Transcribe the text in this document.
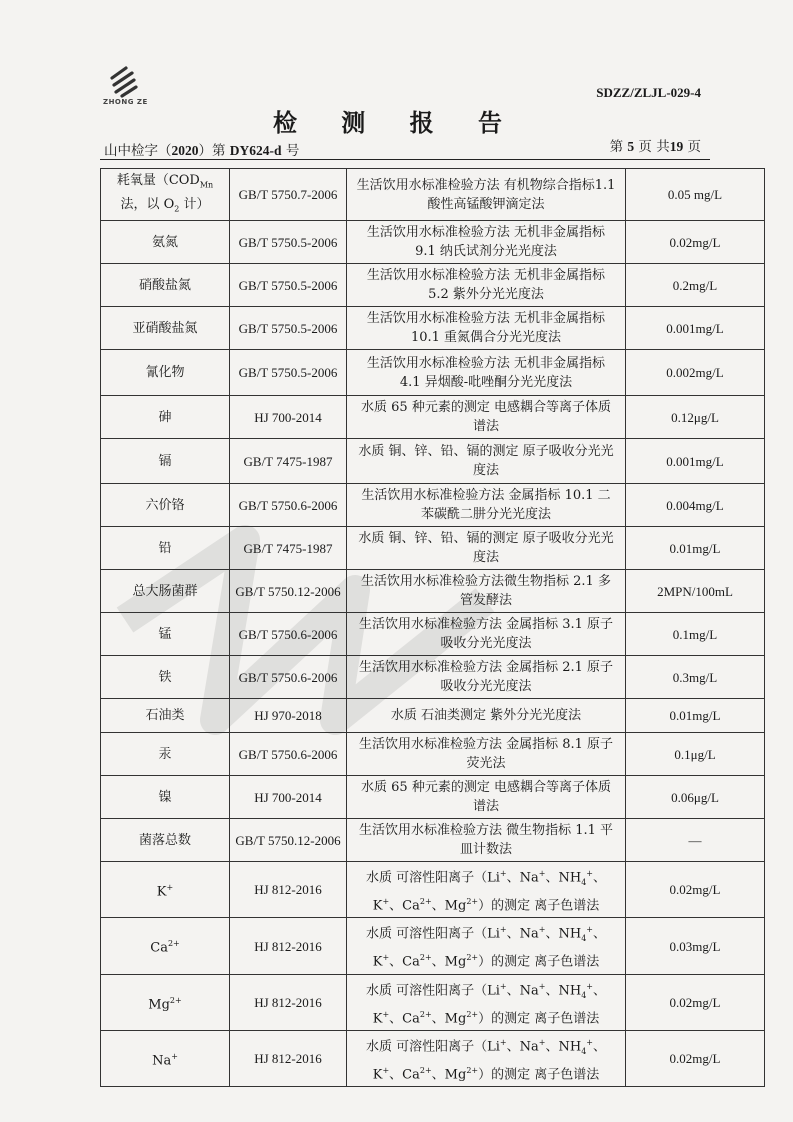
ZHONG ZE
SDZZ/ZLJL-029-4
检 测 报 告
山中检字（2020）第 DY624-d 号	第 5 页 共19 页
耗氧量（$COD_{Mn}$
法，以 $O_2$ 计）	GB/T 5750.7-2006	生活饮用水标准检验方法 有机物综合指标1.1 酸性高锰酸钾滴定法	0.05 mg/L
氨氮	GB/T 5750.5-2006	生活饮用水标准检验方法 无机非金属指标 9.1 纳氏试剂分光光度法	0.02mg/L
硝酸盐氮	GB/T 5750.5-2006	生活饮用水标准检验方法 无机非金属指标 5.2 紫外分光光度法	0.2mg/L
亚硝酸盐氮	GB/T 5750.5-2006	生活饮用水标准检验方法 无机非金属指标 10.1 重氮偶合分光光度法	0.001mg/L
氰化物	GB/T 5750.5-2006	生活饮用水标准检验方法 无机非金属指标 4.1 异烟酸-吡唑酮分光光度法	0.002mg/L
砷	HJ 700-2014	水质 65 种元素的测定 电感耦合等离子体质谱法	0.12μg/L
镉	GB/T 7475-1987	水质 铜、锌、铅、镉的测定 原子吸收分光光度法	0.001mg/L
六价铬	GB/T 5750.6-2006	生活饮用水标准检验方法 金属指标 10.1 二苯碳酰二肼分光光度法	0.004mg/L
铅	GB/T 7475-1987	水质 铜、锌、铅、镉的测定 原子吸收分光光度法	0.01mg/L
总大肠菌群	GB/T 5750.12-2006	生活饮用水标准检验方法微生物指标 2.1 多管发酵法	2MPN/100mL
锰	GB/T 5750.6-2006	生活饮用水标准检验方法 金属指标 3.1 原子吸收分光光度法	0.1mg/L
铁	GB/T 5750.6-2006	生活饮用水标准检验方法 金属指标 2.1 原子吸收分光光度法	0.3mg/L
石油类	HJ 970-2018	水质 石油类测定 紫外分光光度法	0.01mg/L
汞	GB/T 5750.6-2006	生活饮用水标准检验方法 金属指标 8.1 原子荧光法	0.1μg/L
镍	HJ 700-2014	水质 65 种元素的测定 电感耦合等离子体质谱法	0.06μg/L
菌落总数	GB/T 5750.12-2006	生活饮用水标准检验方法 微生物指标 1.1 平皿计数法	—
K+	HJ 812-2016	水质 可溶性阳离子（Li+、Na+、$NH_4^+$、K+、$Ca^{2+}$、$Mg^{2+}$）的测定 离子色谱法	0.02mg/L
$Ca^{2+}$	HJ 812-2016	水质 可溶性阳离子（Li+、Na+、$NH_4^+$、K+、$Ca^{2+}$、$Mg^{2+}$）的测定 离子色谱法	0.03mg/L
$Mg^{2+}$	HJ 812-2016	水质 可溶性阳离子（Li+、Na+、$NH_4^+$、K+、$Ca^{2+}$、$Mg^{2+}$）的测定 离子色谱法	0.02mg/L
Na+	HJ 812-2016	水质 可溶性阳离子（Li+、Na+、$NH_4^+$、K+、$Ca^{2+}$、$Mg^{2+}$）的测定 离子色谱法	0.02mg/L
